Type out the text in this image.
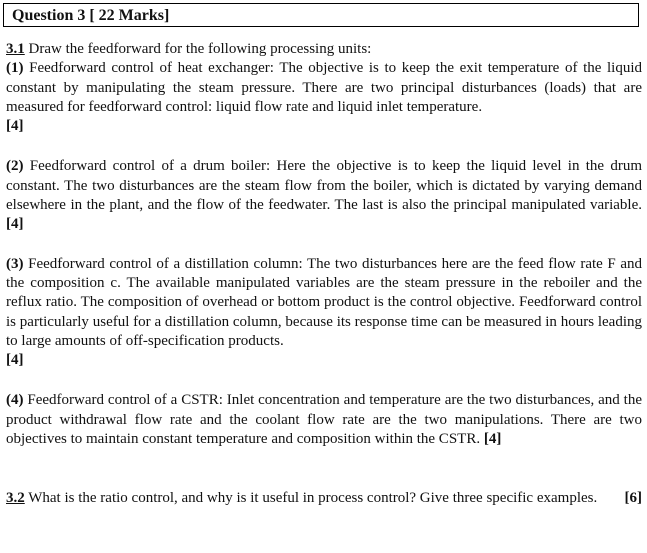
Question 3 [ 22 Marks]

3.1 Draw the feedforward for the following processing units:

(1) Feedforward control of heat exchanger: The objective is to keep the exit temperature of the liquid constant by manipulating the steam pressure. There are two principal disturbances (loads) that are measured for feedforward control: liquid flow rate and liquid inlet temperature.
[4]

(2) Feedforward control of a drum boiler: Here the objective is to keep the liquid level in the drum constant. The two disturbances are the steam flow from the boiler, which is dictated by varying demand elsewhere in the plant, and the flow of the feedwater. The last is also the principal manipulated variable. [4]

(3) Feedforward control of a distillation column: The two disturbances here are the feed flow rate F and the composition c. The available manipulated variables are the steam pressure in the reboiler and the reflux ratio. The composition of overhead or bottom product is the control objective. Feedforward control is particularly useful for a distillation column, because its response time can be measured in hours leading to large amounts of off-specification products.
[4]

(4) Feedforward control of a CSTR: Inlet concentration and temperature are the two disturbances, and the product withdrawal flow rate and the coolant flow rate are the two manipulations. There are two objectives to maintain constant temperature and composition within the CSTR. [4]

3.2 What is the ratio control, and why is it useful in process control? Give three specific examples. [6]
